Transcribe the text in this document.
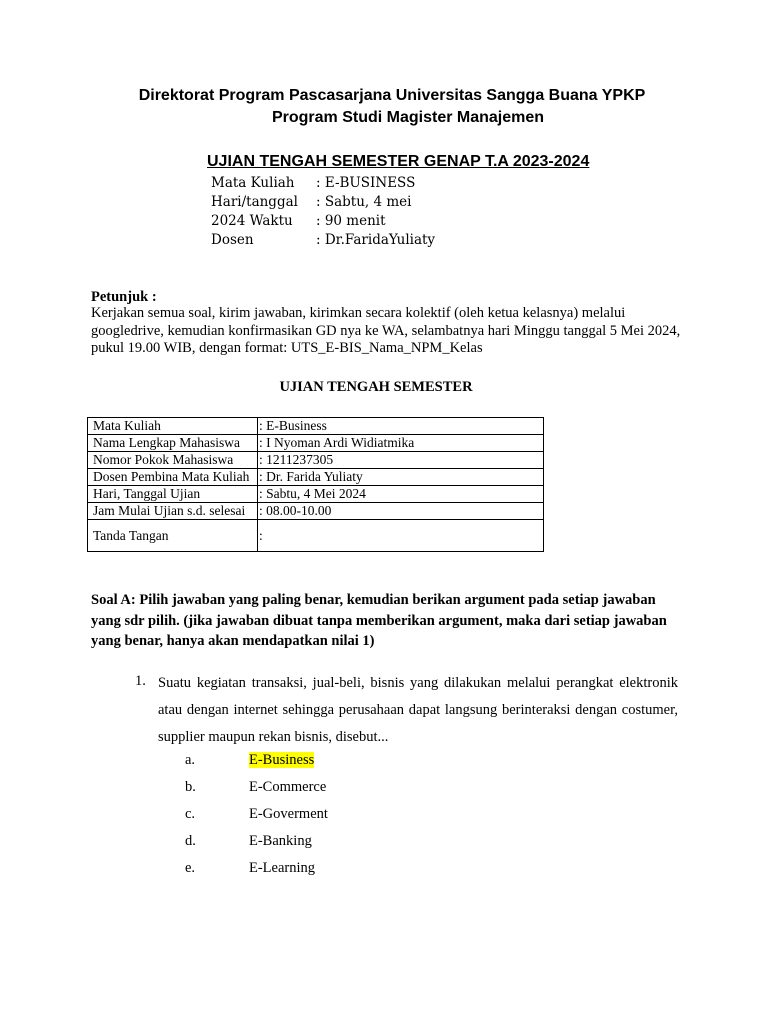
Direktorat Program Pascasarjana Universitas Sangga Buana YPKP
Program Studi Magister Manajemen
UJIAN TENGAH SEMESTER GENAP T.A 2023-2024
Mata Kuliah : E-BUSINESS
Hari/tanggal : Sabtu, 4 mei
2024 Waktu : 90 menit
Dosen	: Dr.FaridaYuliaty
Petunjuk :
Kerjakan semua soal, kirim jawaban, kirimkan secara kolektif (oleh ketua kelasnya) melalui googledrive, kemudian konfirmasikan GD nya ke WA, selambatnya hari Minggu tanggal 5 Mei 2024, pukul 19.00 WIB, dengan format: UTS_E-BIS_Nama_NPM_Kelas
UJIAN TENGAH SEMESTER
Mata Kuliah	: E-Business
Nama Lengkap Mahasiswa	: I Nyoman Ardi Widiatmika
Nomor Pokok Mahasiswa	: 1211237305
Dosen Pembina Mata Kuliah	: Dr. Farida Yuliaty
Hari, Tanggal Ujian	: Sabtu, 4 Mei 2024
Jam Mulai Ujian s.d. selesai	: 08.00-10.00
Tanda Tangan	:
Soal A: Pilih jawaban yang paling benar, kemudian berikan argument pada setiap jawaban yang sdr pilih. (jika jawaban dibuat tanpa memberikan argument, maka dari setiap jawaban yang benar, hanya akan mendapatkan nilai 1)
1. Suatu kegiatan transaksi, jual-beli, bisnis yang dilakukan melalui perangkat elektronik atau dengan internet sehingga perusahaan dapat langsung berinteraksi dengan costumer, supplier maupun rekan bisnis, disebut...
a.	E-Business
b.	E-Commerce
c.	E-Goverment
d.	E-Banking
e.	E-Learning
